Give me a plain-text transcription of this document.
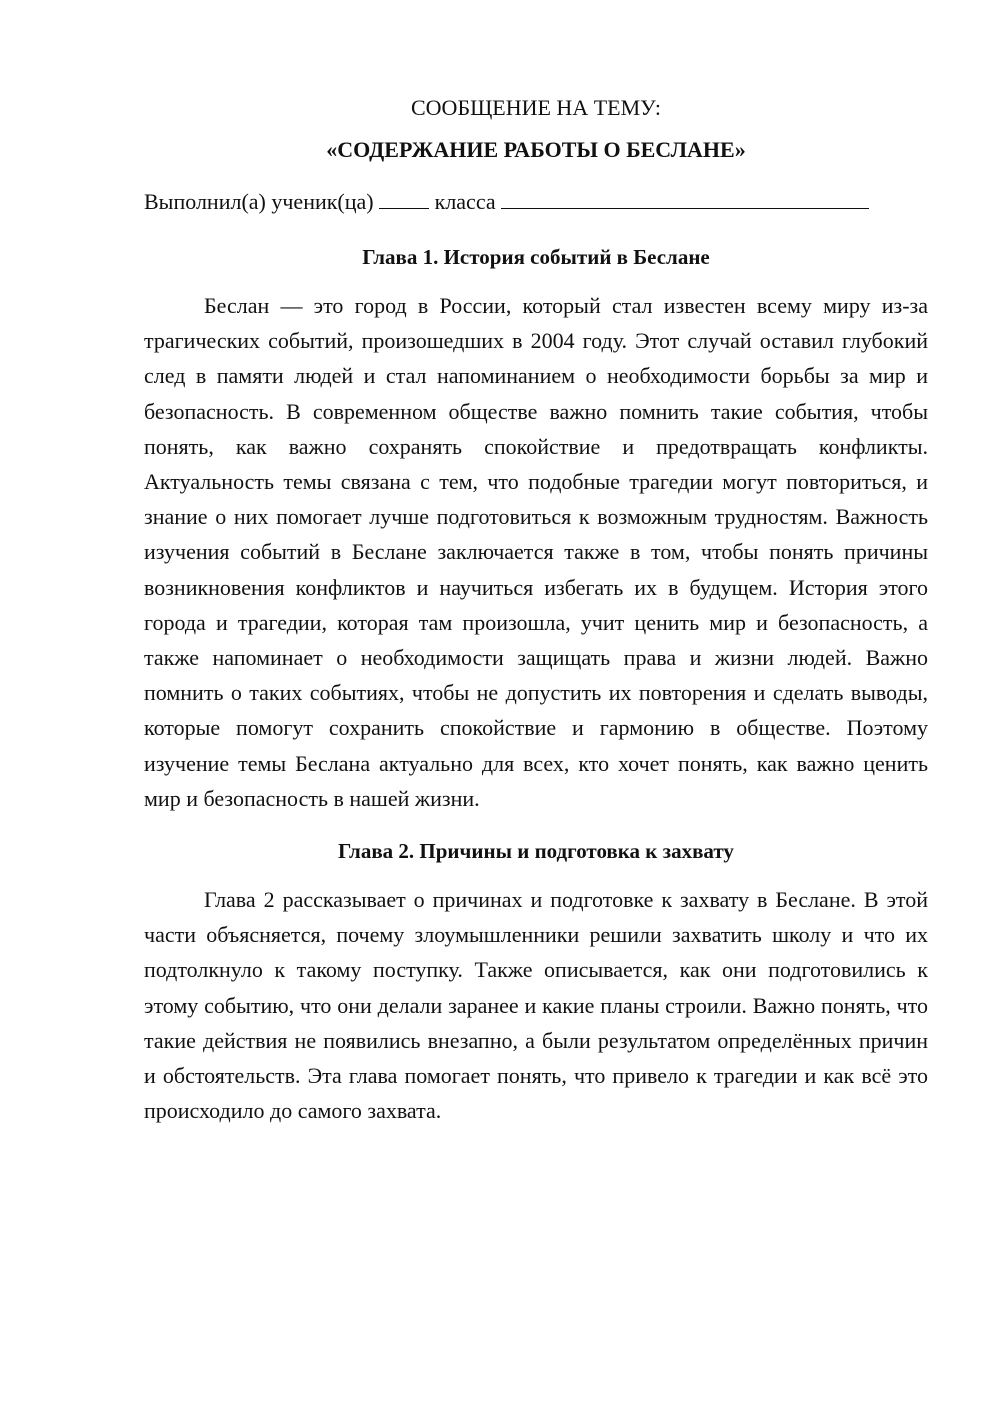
СООБЩЕНИЕ НА ТЕМУ:
«СОДЕРЖАНИЕ РАБОТЫ О БЕСЛАНЕ»
Выполнил(а) ученик(ца)	класса
Глава 1. История событий в Беслане

Беслан — это город в России, который стал известен всему миру из-за трагических событий, произошедших в 2004 году. Этот случай оставил глубокий след в памяти людей и стал напоминанием о необходимости борьбы за мир и безопасность. В современном обществе важно помнить такие события, чтобы понять, как важно сохранять спокойствие и предотвращать конфликты. Актуальность темы связана с тем, что подобные трагедии могут повториться, и знание о них помогает лучше подготовиться к возможным трудностям. Важность изучения событий в Беслане заключается также в том, чтобы понять причины возникновения конфликтов и научиться избегать их в будущем. История этого города и трагедии, которая там произошла, учит ценить мир и безопасность, а также напоминает о необходимости защищать права и жизни людей. Важно помнить о таких событиях, чтобы не допустить их повторения и сделать выводы, которые помогут сохранить спокойствие и гармонию в обществе. Поэтому изучение темы Беслана актуально для всех, кто хочет понять, как важно ценить мир и безопасность в нашей жизни.

Глава 2. Причины и подготовка к захвату

Глава 2 рассказывает о причинах и подготовке к захвату в Беслане. В этой части объясняется, почему злоумышленники решили захватить школу и что их подтолкнуло к такому поступку. Также описывается, как они подготовились к этому событию, что они делали заранее и какие планы строили. Важно понять, что такие действия не появились внезапно, а были результатом определённых причин и обстоятельств. Эта глава помогает понять, что привело к трагедии и как всё это происходило до самого захвата.
